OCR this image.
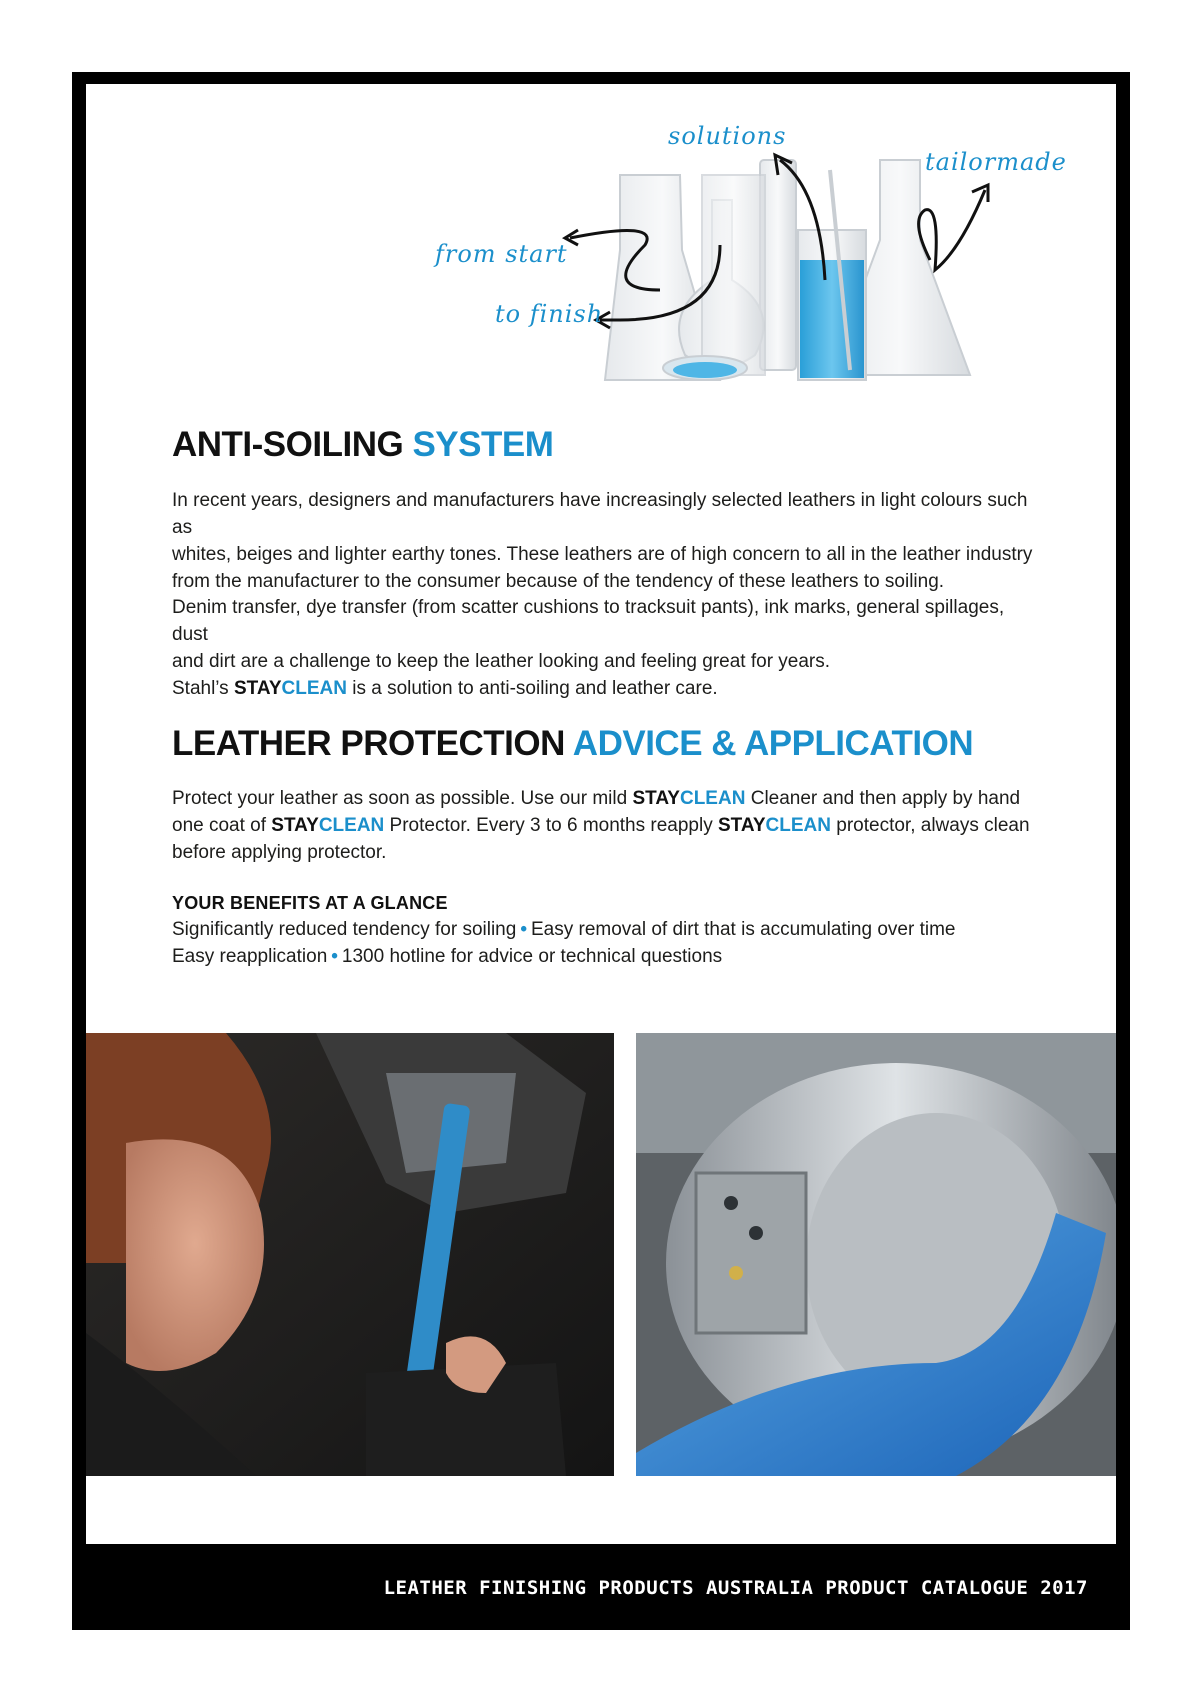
solutions
tailormade
from start
to finish
ANTI-SOILING SYSTEM

In recent years, designers and manufacturers have increasingly selected leathers in light colours such as
whites, beiges and lighter earthy tones. These leathers are of high concern to all in the leather industry
from the manufacturer to the consumer because of the tendency of these leathers to soiling.

Denim transfer, dye transfer (from scatter cushions to tracksuit pants), ink marks, general spillages, dust
and dirt are a challenge to keep the leather looking and feeling great for years.

Stahl’s STAYCLEAN is a solution to anti-soiling and leather care.

LEATHER PROTECTION ADVICE & APPLICATION

Protect your leather as soon as possible. Use our mild STAYCLEAN Cleaner and then apply by hand
one coat of STAYCLEAN Protector. Every 3 to 6 months reapply STAYCLEAN protector, always clean
before applying protector.

YOUR BENEFITS AT A GLANCE

Significantly reduced tendency for soiling • Easy removal of dirt that is accumulating over time
Easy reapplication • 1300 hotline for advice or technical questions

LEATHER FINISHING PRODUCTS AUSTRALIA PRODUCT CATALOGUE 2017
